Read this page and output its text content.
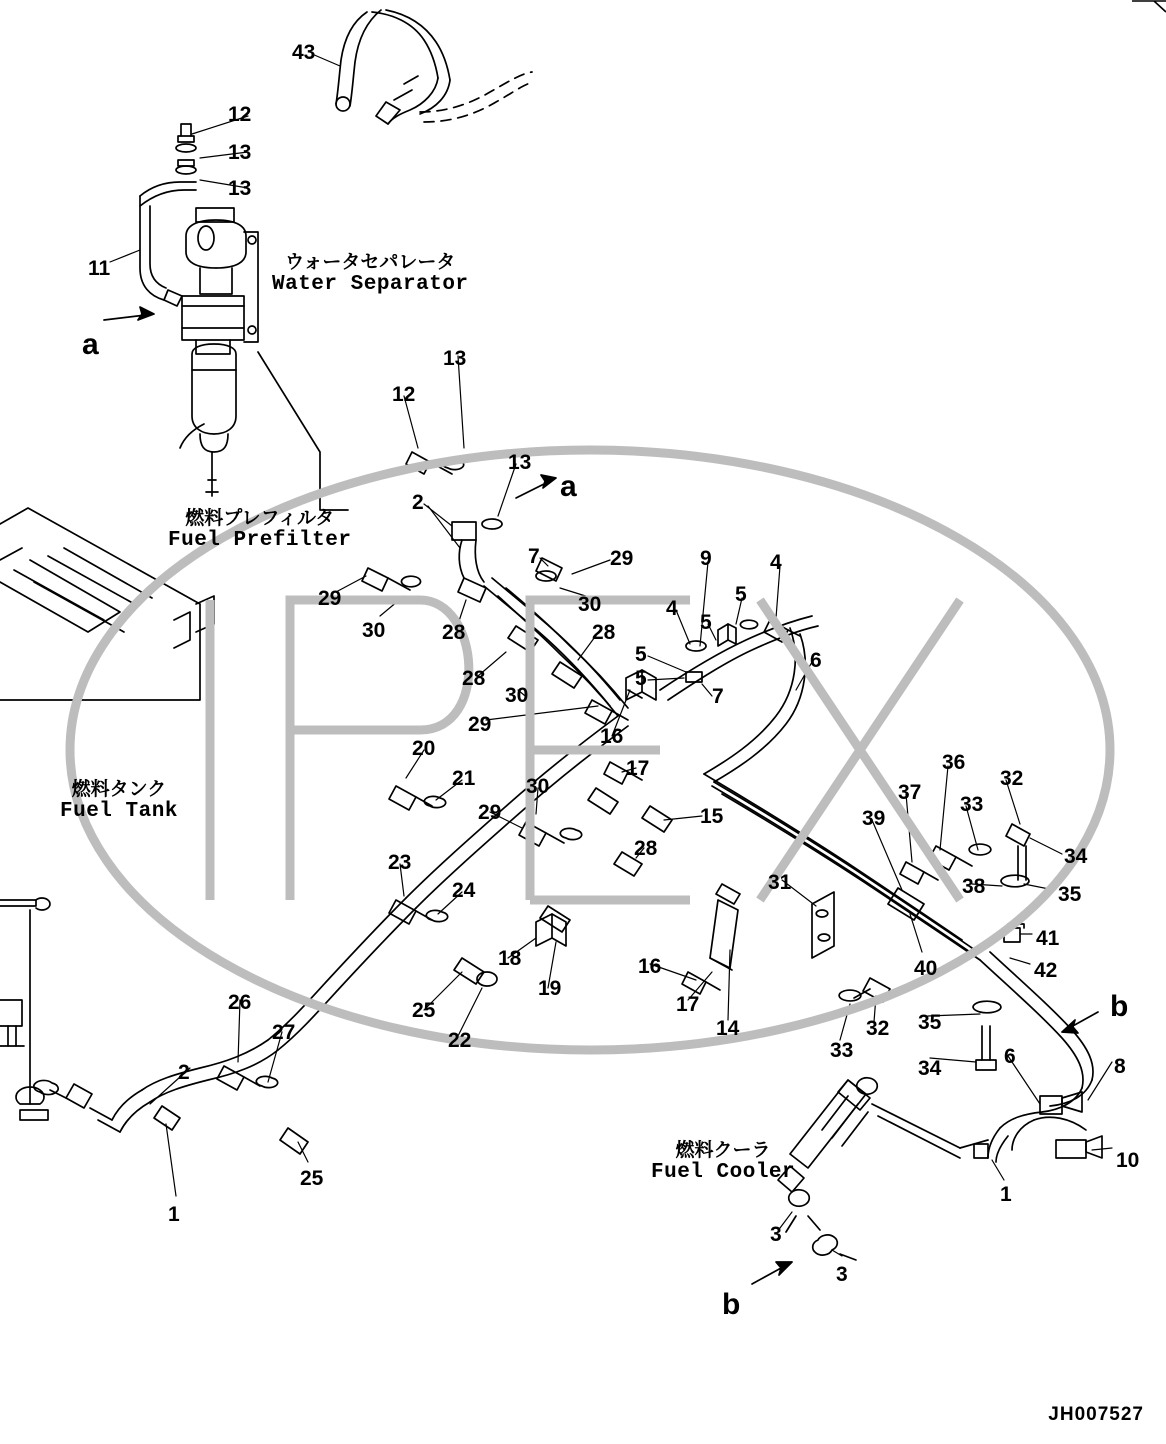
ウォータセパレータ
Water Separator
燃料プレフィルタ
Fuel Prefilter
燃料タンク
Fuel Tank
燃料クーラ
Fuel Cooler
a
a
b
b
43
12
13
13
11
13
12
13
2
29
30	28
28
7	29
30
28
30
29
9	4
5
4
5
5
5
7
6
16
17
20
21 30
29	15
28
23
24
18
19
25
22
16
17
14
31
36
32
37
33
39
34
38	35
41
40	42
32
33
35
34
6	8
10
1
26
27
2
25
1
3
3
JH007527
